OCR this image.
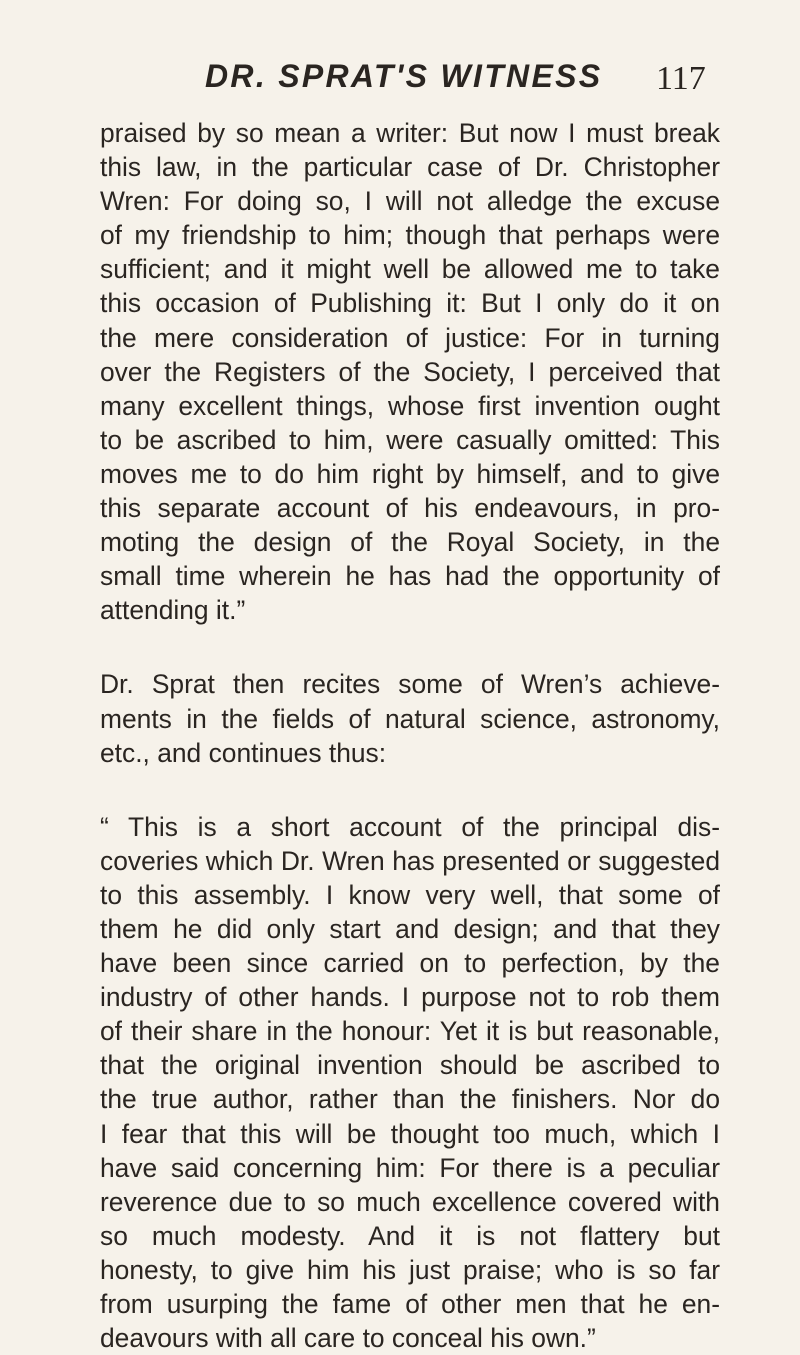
DR. SPRAT'S WITNESS 117
praised by so mean a writer: But now I must break
this law, in the particular case of Dr. Christopher
Wren: For doing so, I will not alledge the excuse
of my friendship to him; though that perhaps were
sufficient; and it might well be allowed me to take
this occasion of Publishing it: But I only do it on
the mere consideration of justice: For in turning
over the Registers of the Society, I perceived that
many excellent things, whose first invention ought
to be ascribed to him, were casually omitted: This
moves me to do him right by himself, and to give
this separate account of his endeavours, in pro-
moting the design of the Royal Society, in the
small time wherein he has had the opportunity of
attending it.”
Dr. Sprat then recites some of Wren’s achieve-
ments in the fields of natural science, astronomy,
etc., and continues thus:
“ This is a short account of the principal dis-
coveries which Dr. Wren has presented or suggested
to this assembly. I know very well, that some of
them he did only start and design; and that they
have been since carried on to perfection, by the
industry of other hands. I purpose not to rob them
of their share in the honour: Yet it is but reasonable,
that the original invention should be ascribed to
the true author, rather than the finishers. Nor do
I fear that this will be thought too much, which I
have said concerning him: For there is a peculiar
reverence due to so much excellence covered with
so much modesty. And it is not flattery but
honesty, to give him his just praise; who is so far
from usurping the fame of other men that he en-
deavours with all care to conceal his own.”
